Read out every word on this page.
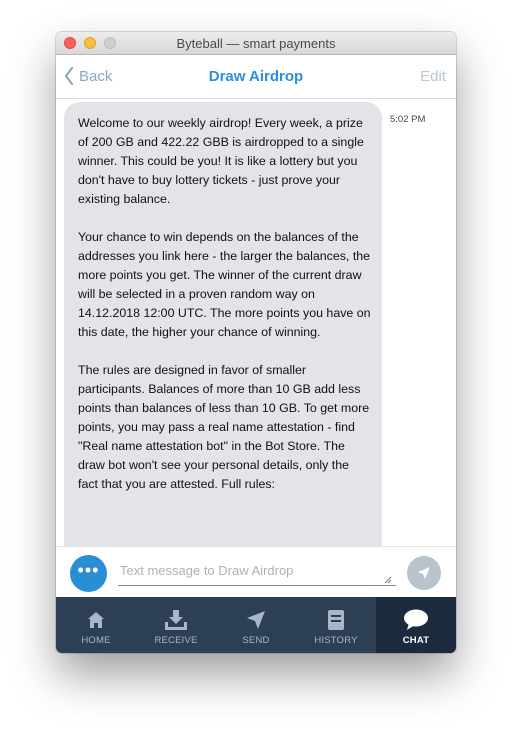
Byteball — smart payments
Back	Draw Airdrop	Edit

Welcome to our weekly airdrop! Every week, a prize of 200 GB and 422.22 GBB is airdropped to a single winner. This could be you! It is like a lottery but you don't have to buy lottery tickets - just prove your existing balance.

Your chance to win depends on the balances of the addresses you link here - the larger the balances, the more points you get. The winner of the current draw will be selected in a proven random way on 14.12.2018 12:00 UTC. The more points you have on this date, the higher your chance of winning.

The rules are designed in favor of smaller participants. Balances of more than 10 GB add less points than balances of less than 10 GB. To get more points, you may pass a real name attestation - find "Real name attestation bot" in the Bot Store. The draw bot won't see your personal details, only the fact that you are attested. Full rules:

5:02 PM
•••
Text message to Draw Airdrop
HOME	RECEIVE	SEND	HISTORY	CHAT
